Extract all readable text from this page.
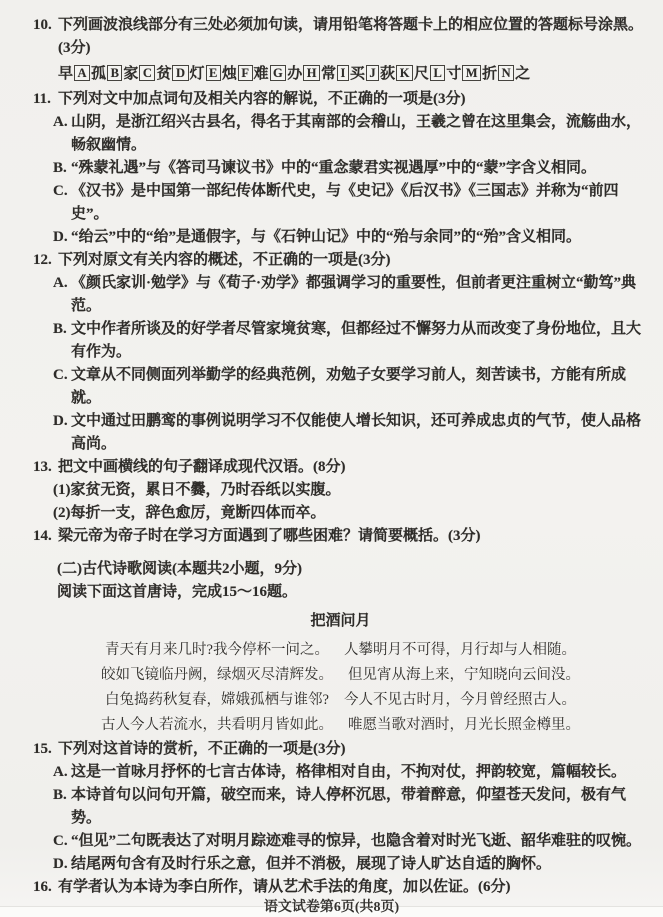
10. 下列画波浪线部分有三处必须加句读，请用铅笔将答题卡上的相应位置的答题标号涂黑。(3分)
早 A 孤 B 家 C 贫 D 灯 E 烛 F 难 G 办 H 常 I 买 J 荻 K 尺 L 寸 M 折 N 之
11. 下列对文中加点词句及相关内容的解说，不正确的一项是(3分)
A. 山阴，是浙江绍兴古县名，得名于其南部的会稽山，王羲之曾在这里集会，流觞曲水，畅叙幽情。
B. “殊蒙礼遇”与《答司马谏议书》中的“重念蒙君实视遇厚”中的“蒙”字含义相同。
C. 《汉书》是中国第一部纪传体断代史，与《史记》《后汉书》《三国志》并称为“前四史”。
D. “绐云”中的“绐”是通假字，与《石钟山记》中的“殆与余同”的“殆”含义相同。
12. 下列对原文有关内容的概述，不正确的一项是(3分)
A. 《颜氏家训·勉学》与《荀子·劝学》都强调学习的重要性，但前者更注重树立“勤笃”典范。
B. 文中作者所谈及的好学者尽管家境贫寒，但都经过不懈努力从而改变了身份地位，且大有作为。
C. 文章从不同侧面列举勤学的经典范例，劝勉子女要学习前人，刻苦读书，方能有所成就。
D. 文中通过田鹏鸾的事例说明学习不仅能使人增长知识，还可养成忠贞的气节，使人品格高尚。
13. 把文中画横线的句子翻译成现代汉语。(8分)
(1)家贫无资，累日不爨，乃时吞纸以实腹。
(2)每折一支，辞色愈厉，竟断四体而卒。
14. 梁元帝为帝子时在学习方面遇到了哪些困难？请简要概括。(3分)
(二)古代诗歌阅读(本题共2小题，9分)
阅读下面这首唐诗，完成15～16题。
把酒问月
青天有月来几时?我今停杯一问之。 人攀明月不可得，月行却与人相随。
皎如飞镜临丹阙，绿烟灭尽清辉发。 但见宵从海上来，宁知晓向云间没。
白兔捣药秋复春，嫦娥孤栖与谁邻? 今人不见古时月，今月曾经照古人。
古人今人若流水，共看明月皆如此。 唯愿当歌对酒时，月光长照金樽里。
15. 下列对这首诗的赏析，不正确的一项是(3分)
A. 这是一首咏月抒怀的七言古体诗，格律相对自由，不拘对仗，押韵较宽，篇幅较长。
B. 本诗首句以问句开篇，破空而来，诗人停杯沉思，带着醉意，仰望苍天发问，极有气势。
C. “但见”二句既表达了对明月踪迹难寻的惊异，也隐含着对时光飞逝、韶华难驻的叹惋。
D. 结尾两句含有及时行乐之意，但并不消极，展现了诗人旷达自适的胸怀。
16. 有学者认为本诗为李白所作，请从艺术手法的角度，加以佐证。(6分)
语文试卷第6页(共8页)
